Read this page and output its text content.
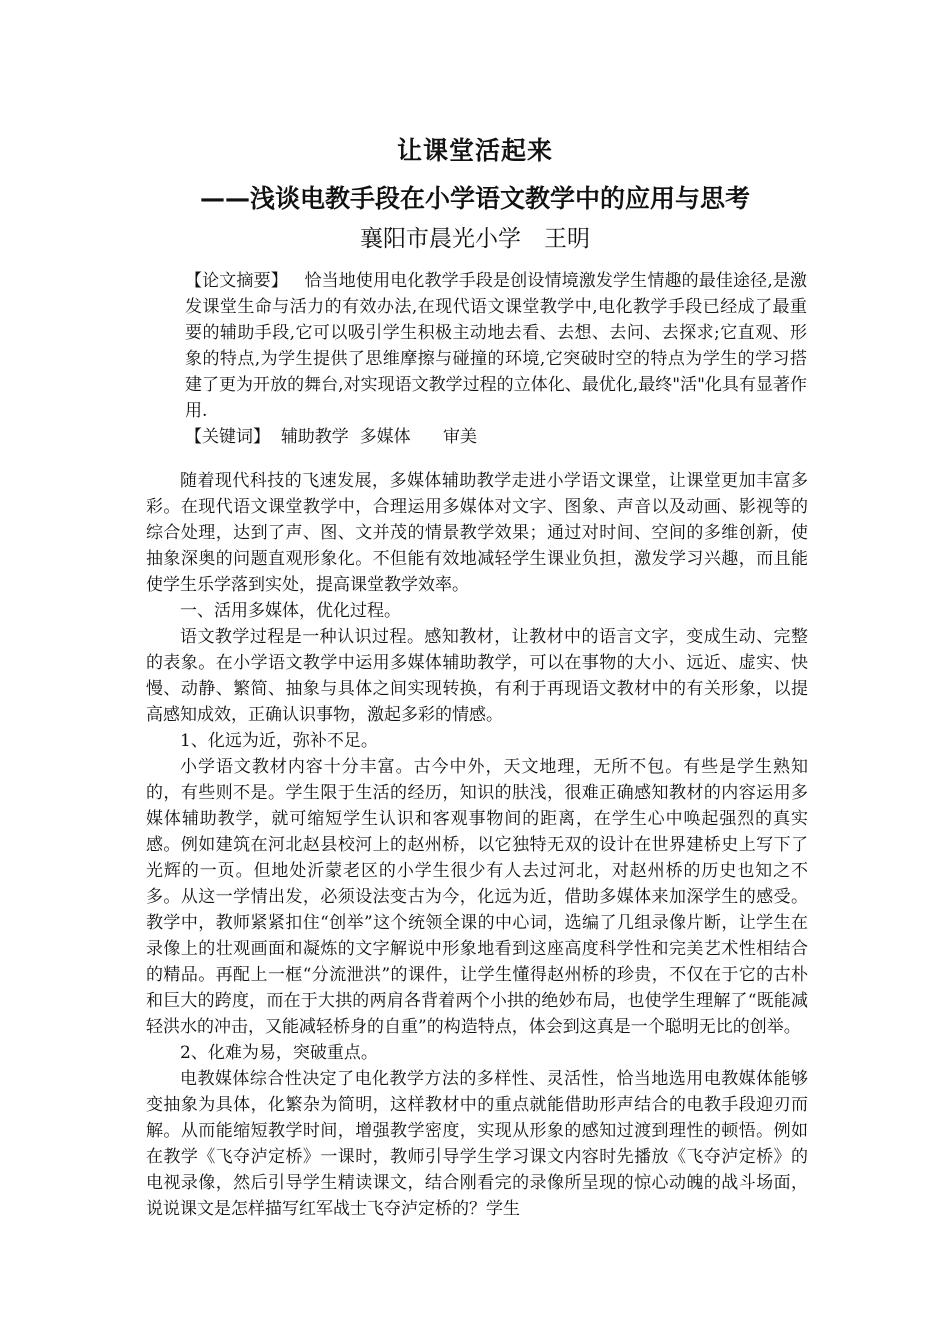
让课堂活起来
——浅谈电教手段在小学语文教学中的应用与思考
襄阳市晨光小学　王明

【论文摘要】 恰当地使用电化教学手段是创设情境激发学生情趣的最佳途径,是激发课堂生命与活力的有效办法,在现代语文课堂教学中,电化教学手段已经成了最重要的辅助手段,它可以吸引学生积极主动地去看、去想、去问、去探求;它直观、形象的特点,为学生提供了思维摩擦与碰撞的环境,它突破时空的特点为学生的学习搭建了更为开放的舞台,对实现语文教学过程的立体化、最优化,最终"活"化具有显著作用.

【关键词】 辅助教学  多媒体      审美

随着现代科技的飞速发展，多媒体辅助教学走进小学语文课堂，让课堂更加丰富多彩。在现代语文课堂教学中，合理运用多媒体对文字、图象、声音以及动画、影视等的综合处理，达到了声、图、文并茂的情景教学效果；通过对时间、空间的多维创新，使抽象深奥的问题直观形象化。不但能有效地减轻学生课业负担，激发学习兴趣，而且能使学生乐学落到实处，提高课堂教学效率。

一、活用多媒体，优化过程。

语文教学过程是一种认识过程。感知教材，让教材中的语言文字，变成生动、完整的表象。在小学语文教学中运用多媒体辅助教学，可以在事物的大小、远近、虚实、快慢、动静、繁简、抽象与具体之间实现转换，有利于再现语文教材中的有关形象，以提高感知成效，正确认识事物，激起多彩的情感。

1、化远为近，弥补不足。

小学语文教材内容十分丰富。古今中外，天文地理，无所不包。有些是学生熟知的，有些则不是。学生限于生活的经历，知识的肤浅，很难正确感知教材的内容运用多媒体辅助教学，就可缩短学生认识和客观事物间的距离，在学生心中唤起强烈的真实感。例如建筑在河北赵县校河上的赵州桥，以它独特无双的设计在世界建桥史上写下了光辉的一页。但地处沂蒙老区的小学生很少有人去过河北，对赵州桥的历史也知之不多。从这一学情出发，必须设法变古为今，化远为近，借助多媒体来加深学生的感受。教学中，教师紧紧扣住“创举”这个统领全课的中心词，选编了几组录像片断，让学生在录像上的壮观画面和凝炼的文字解说中形象地看到这座高度科学性和完美艺术性相结合的精品。再配上一框“分流泄洪”的课件，让学生懂得赵州桥的珍贵，不仅在于它的古朴和巨大的跨度，而在于大拱的两肩各背着两个小拱的绝妙布局，也使学生理解了“既能减轻洪水的冲击，又能减轻桥身的自重”的构造特点，体会到这真是一个聪明无比的创举。

2、化难为易，突破重点。

电教媒体综合性决定了电化教学方法的多样性、灵活性，恰当地选用电教媒体能够变抽象为具体，化繁杂为简明，这样教材中的重点就能借助形声结合的电教手段迎刃而解。从而能缩短教学时间，增强教学密度，实现从形象的感知过渡到理性的顿悟。例如在教学《飞夺泸定桥》一课时，教师引导学生学习课文内容时先播放《飞夺泸定桥》的电视录像，然后引导学生精读课文，结合刚看完的录像所呈现的惊心动魄的战斗场面，说说课文是怎样描写红军战士飞夺泸定桥的？学生
